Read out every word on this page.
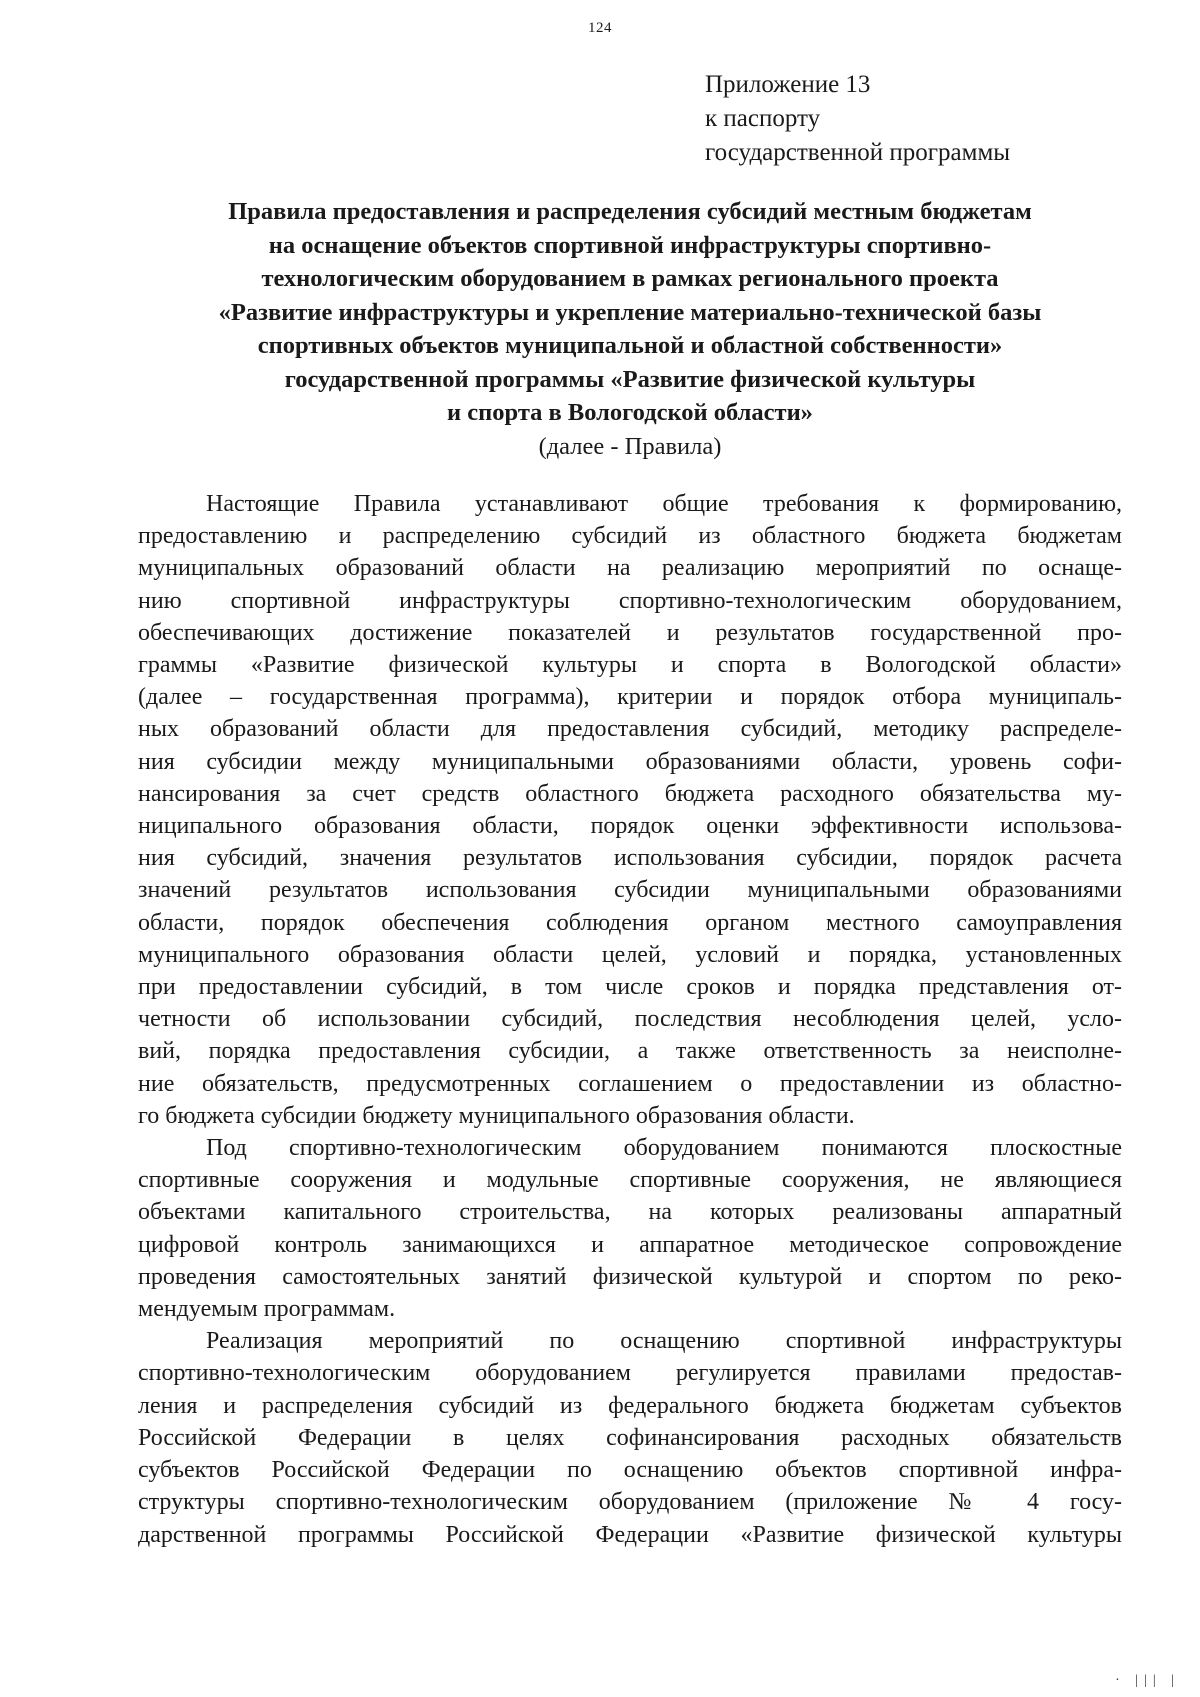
124
Приложение 13
к паспорту
государственной программы
Правила предоставления и распределения субсидий местным бюджетам
на оснащение объектов спортивной инфраструктуры спортивно-
технологическим оборудованием в рамках регионального проекта
«Развитие инфраструктуры и укрепление материально-технической базы
спортивных объектов муниципальной и областной собственности»
государственной программы «Развитие физической культуры
и спорта в Вологодской области»
(далее - Правила)
Настоящие Правила устанавливают общие требования к формированию,
предоставлению и распределению субсидий из областного бюджета бюджетам
муниципальных образований области на реализацию мероприятий по оснаще-
нию спортивной инфраструктуры спортивно-технологическим оборудованием,
обеспечивающих достижение показателей и результатов государственной про-
граммы «Развитие физической культуры и спорта в Вологодской области»
(далее – государственная программа), критерии и порядок отбора муниципаль-
ных образований области для предоставления субсидий, методику распределе-
ния субсидии между муниципальными образованиями области, уровень софи-
нансирования за счет средств областного бюджета расходного обязательства му-
ниципального образования области, порядок оценки эффективности использова-
ния субсидий, значения результатов использования субсидии, порядок расчета
значений результатов использования субсидии муниципальными образованиями
области, порядок обеспечения соблюдения органом местного самоуправления
муниципального образования области целей, условий и порядка, установленных
при предоставлении субсидий, в том числе сроков и порядка представления от-
четности об использовании субсидий, последствия несоблюдения целей, усло-
вий, порядка предоставления субсидии, а также ответственность за неисполне-
ние обязательств, предусмотренных соглашением о предоставлении из областно-
го бюджета субсидии бюджету муниципального образования области.
Под спортивно-технологическим оборудованием понимаются плоскостные
спортивные сооружения и модульные спортивные сооружения, не являющиеся
объектами капитального строительства, на которых реализованы аппаратный
цифровой контроль занимающихся и аппаратное методическое сопровождение
проведения самостоятельных занятий физической культурой и спортом по реко-
мендуемым программам.
Реализация мероприятий по оснащению спортивной инфраструктуры
спортивно-технологическим оборудованием регулируется правилами предостав-
ления и распределения субсидий из федерального бюджета бюджетам субъектов
Российской Федерации в целях софинансирования расходных обязательств
субъектов Российской Федерации по оснащению объектов спортивной инфра-
структуры спортивно-технологическим оборудованием (приложение № 4 госу-
дарственной программы Российской Федерации «Развитие физической культуры
· ||| |
